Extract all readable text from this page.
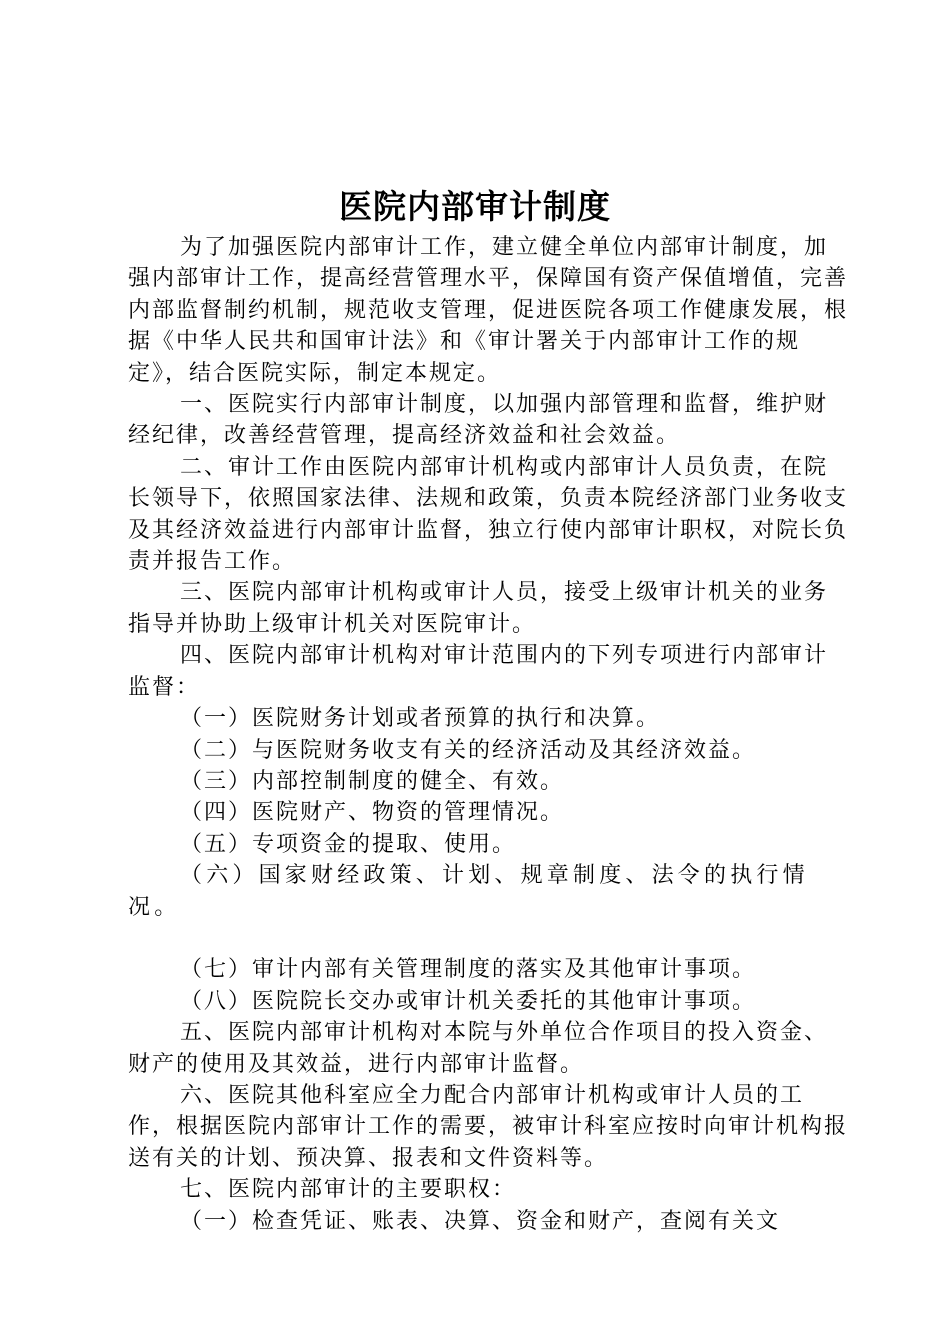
医院内部审计制度

为了加强医院内部审计工作，建立健全单位内部审计制度，加强内部审计工作，提高经营管理水平，保障国有资产保值增值，完善内部监督制约机制，规范收支管理，促进医院各项工作健康发展，根据《中华人民共和国审计法》和《审计署关于内部审计工作的规定》，结合医院实际，制定本规定。

一、医院实行内部审计制度，以加强内部管理和监督，维护财经纪律，改善经营管理，提高经济效益和社会效益。

二、审计工作由医院内部审计机构或内部审计人员负责，在院长领导下，依照国家法律、法规和政策，负责本院经济部门业务收支及其经济效益进行内部审计监督，独立行使内部审计职权，对院长负责并报告工作。

三、医院内部审计机构或审计人员，接受上级审计机关的业务指导并协助上级审计机关对医院审计。

四、医院内部审计机构对审计范围内的下列专项进行内部审计监督：

（一）医院财务计划或者预算的执行和决算。

（二）与医院财务收支有关的经济活动及其经济效益。

（三）内部控制制度的健全、有效。

（四）医院财产、物资的管理情况。

（五）专项资金的提取、使用。

（六）国家财经政策、计划、规章制度、法令的执行情况。

（七）审计内部有关管理制度的落实及其他审计事项。

（八）医院院长交办或审计机关委托的其他审计事项。

五、医院内部审计机构对本院与外单位合作项目的投入资金、财产的使用及其效益，进行内部审计监督。

六、医院其他科室应全力配合内部审计机构或审计人员的工作，根据医院内部审计工作的需要，被审计科室应按时向审计机构报送有关的计划、预决算、报表和文件资料等。

七、医院内部审计的主要职权：

（一）检查凭证、账表、决算、资金和财产，查阅有关文
